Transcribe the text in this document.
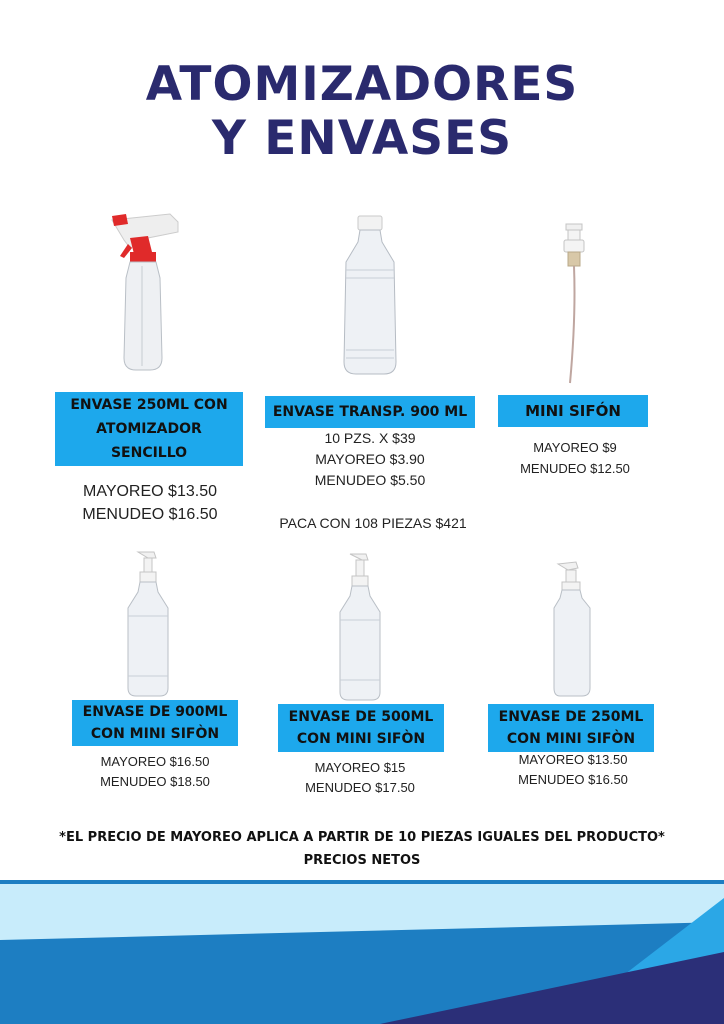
ATOMIZADORES
Y ENVASES
ENVASE 250ML CON
ATOMIZADOR
SENCILLO
MAYOREO $13.50
MENUDEO $16.50
ENVASE TRANSP. 900 ML
10 PZS. X $39
MAYOREO $3.90
MENUDEO $5.50
PACA CON 108 PIEZAS $421
MINI SIFÓN
MAYOREO $9
MENUDEO $12.50
ENVASE DE 900ML
CON MINI SIFÒN
MAYOREO $16.50
MENUDEO $18.50
ENVASE DE 500ML
CON MINI SIFÒN
MAYOREO $15
MENUDEO $17.50
ENVASE DE 250ML
CON MINI SIFÒN
MAYOREO $13.50
MENUDEO $16.50
*EL PRECIO DE MAYOREO APLICA A PARTIR DE 10 PIEZAS IGUALES DEL PRODUCTO*
PRECIOS NETOS
